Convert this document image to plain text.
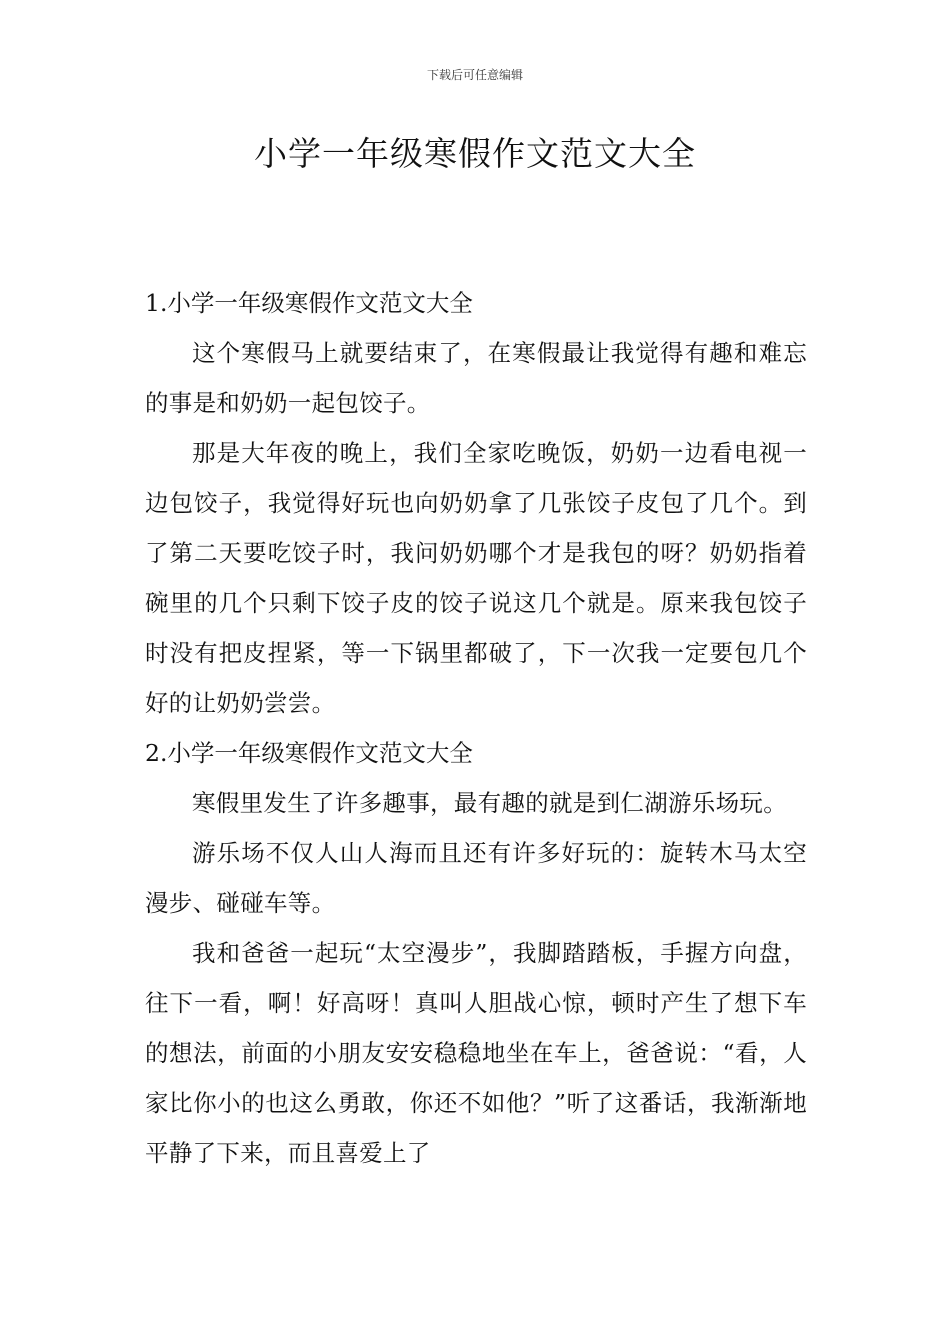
下载后可任意编辑
小学一年级寒假作文范文大全

1.小学一年级寒假作文范文大全

这个寒假马上就要结束了，在寒假最让我觉得有趣和难忘的事是和奶奶一起包饺子。

那是大年夜的晚上，我们全家吃晚饭，奶奶一边看电视一边包饺子，我觉得好玩也向奶奶拿了几张饺子皮包了几个。到了第二天要吃饺子时，我问奶奶哪个才是我包的呀？奶奶指着碗里的几个只剩下饺子皮的饺子说这几个就是。原来我包饺子时没有把皮捏紧，等一下锅里都破了，下一次我一定要包几个好的让奶奶尝尝。

2.小学一年级寒假作文范文大全

寒假里发生了许多趣事，最有趣的就是到仁湖游乐场玩。

游乐场不仅人山人海而且还有许多好玩的：旋转木马太空漫步、碰碰车等。

我和爸爸一起玩“太空漫步”，我脚踏踏板，手握方向盘，往下一看，啊！好高呀！真叫人胆战心惊，顿时产生了想下车的想法，前面的小朋友安安稳稳地坐在车上，爸爸说：“看，人家比你小的也这么勇敢，你还不如他？”听了这番话，我渐渐地平静了下来，而且喜爱上了
